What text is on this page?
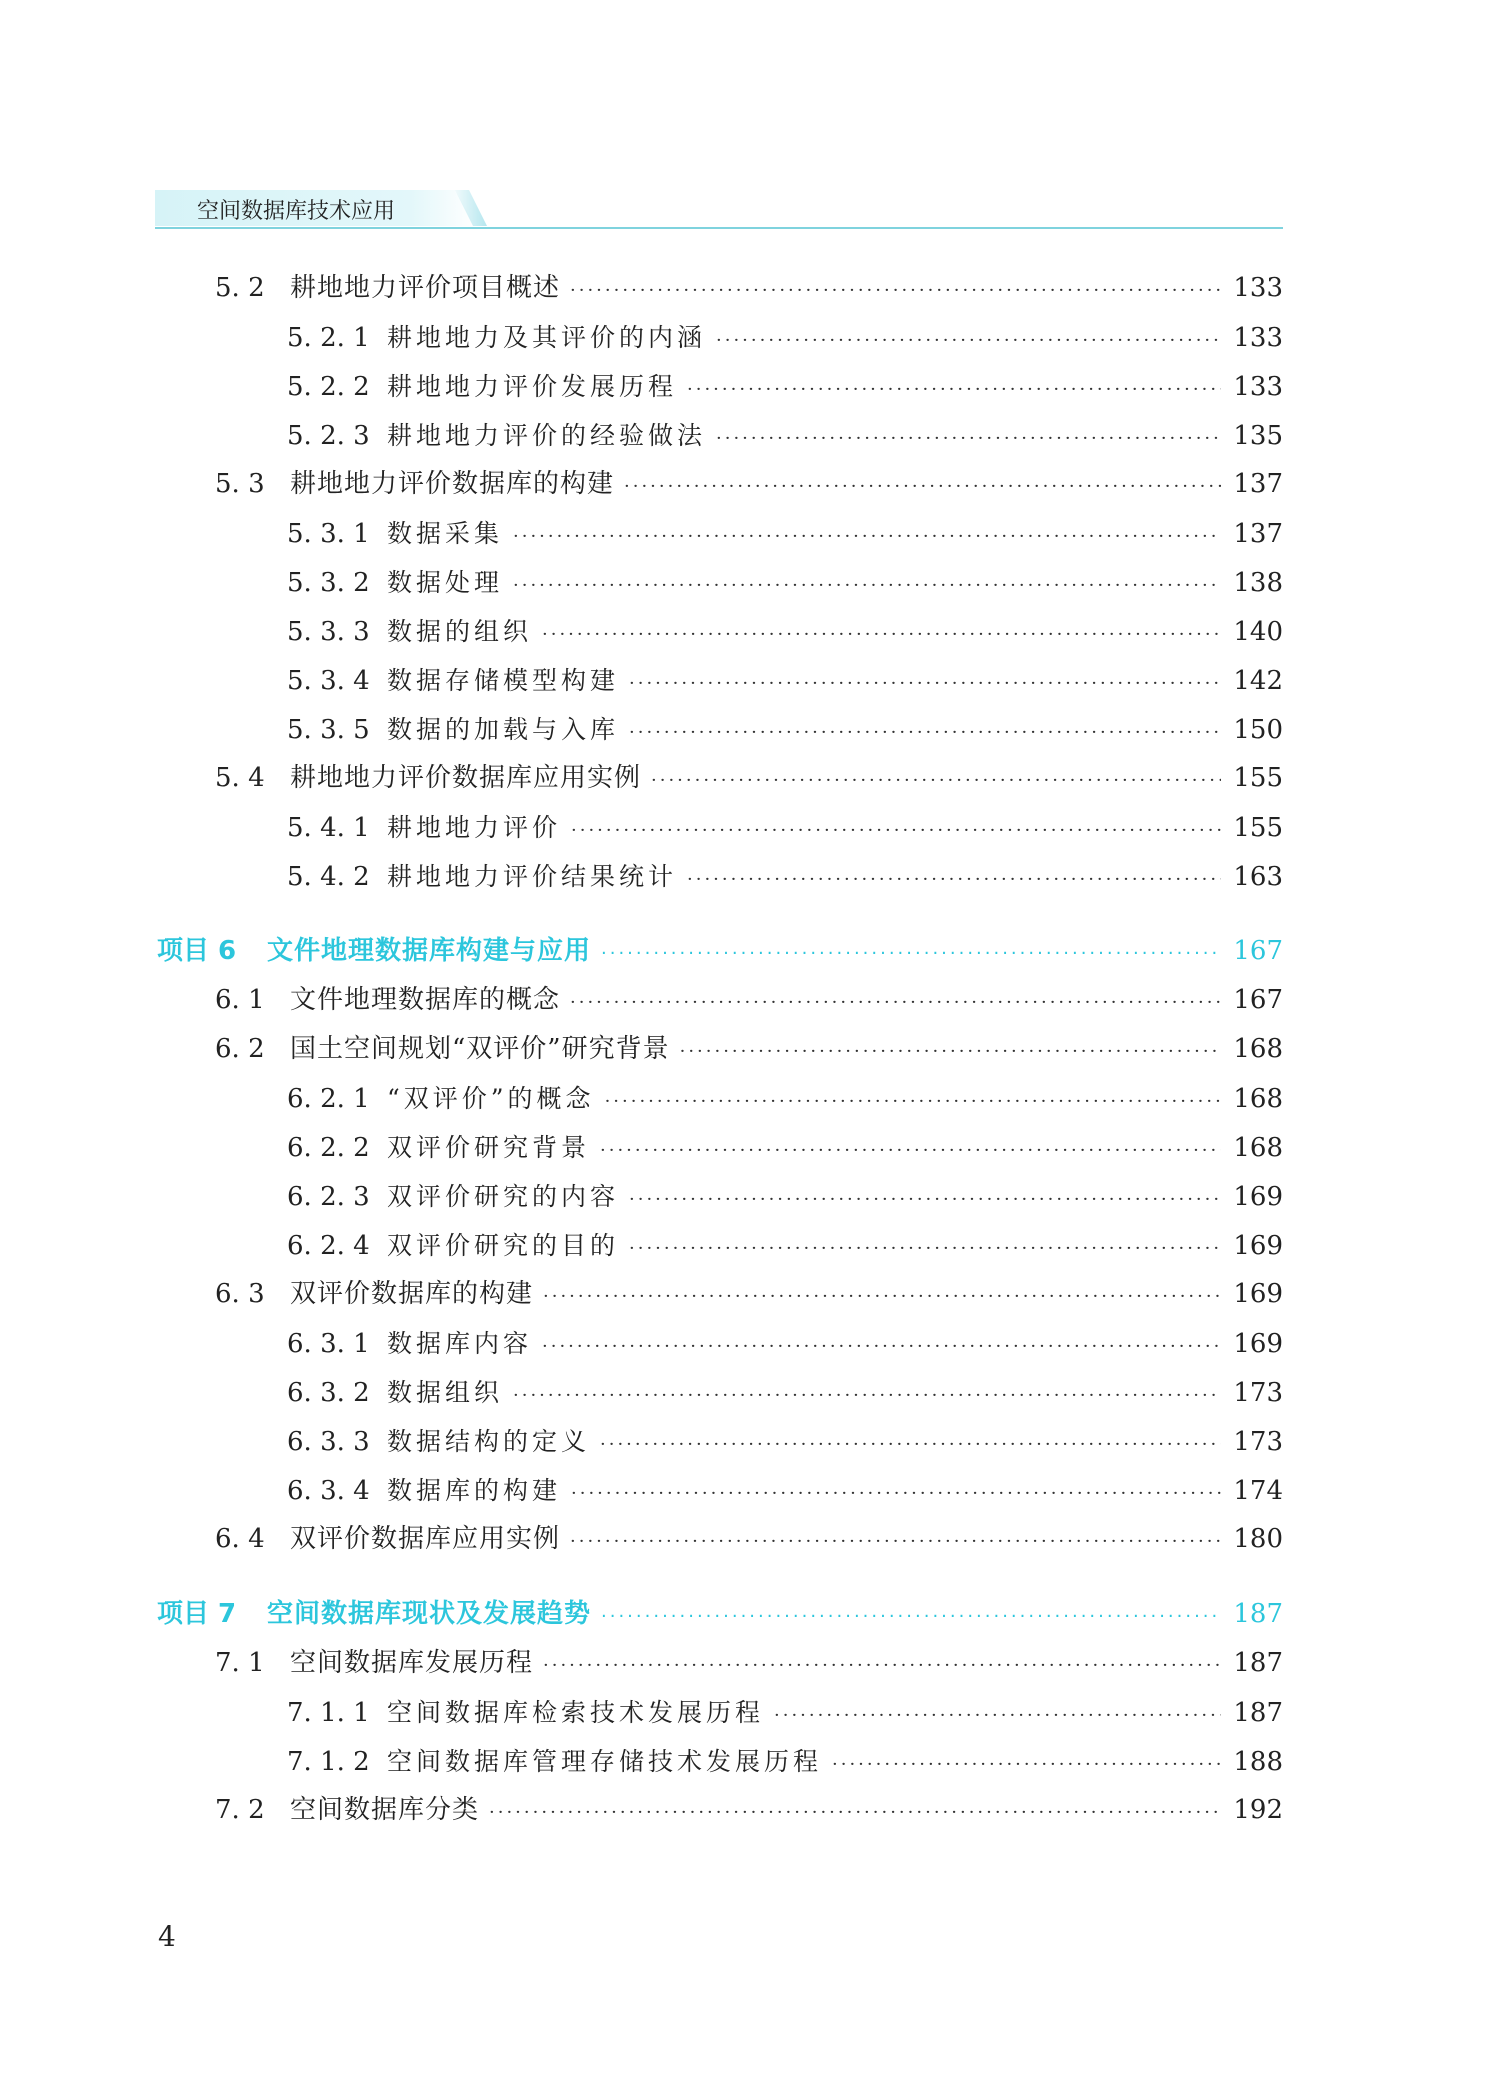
空间数据库技术应用
5. 2 耕地地力评价项目概述 ·····	133
5. 2. 1 耕地地力及其评价的内涵 ·····	133
5. 2. 2 耕地地力评价发展历程 ·····	133
5. 2. 3 耕地地力评价的经验做法 ·····	135
5. 3 耕地地力评价数据库的构建 ·····	137
5. 3. 1 数据采集 ·····	137
5. 3. 2 数据处理 ·····	138
5. 3. 3 数据的组织 ·····	140
5. 3. 4 数据存储模型构建 ·····	142
5. 3. 5 数据的加载与入库 ·····	150
5. 4 耕地地力评价数据库应用实例 ·····	155
5. 4. 1 耕地地力评价 ·····	155
5. 4. 2 耕地地力评价结果统计 ·····	163
项目 6	文件地理数据库构建与应用 ·····	167
6. 1 文件地理数据库的概念 ·····	167
6. 2 国土空间规划“双评价”研究背景 ·····	168
6. 2. 1 “双评价”的概念 ·····	168
6. 2. 2 双评价研究背景 ·····	168
6. 2. 3 双评价研究的内容 ·····	169
6. 2. 4 双评价研究的目的 ·····	169
6. 3 双评价数据库的构建 ·····	169
6. 3. 1 数据库内容 ·····	169
6. 3. 2 数据组织 ·····	173
6. 3. 3 数据结构的定义 ·····	173
6. 3. 4 数据库的构建 ·····	174
6. 4 双评价数据库应用实例 ·····	180
项目 7	空间数据库现状及发展趋势 ·····	187
7. 1 空间数据库发展历程 ·····	187
7. 1. 1 空间数据库检索技术发展历程 ·····	187
7. 1. 2 空间数据库管理存储技术发展历程 ·····	188
7. 2 空间数据库分类 ·····	192
4
